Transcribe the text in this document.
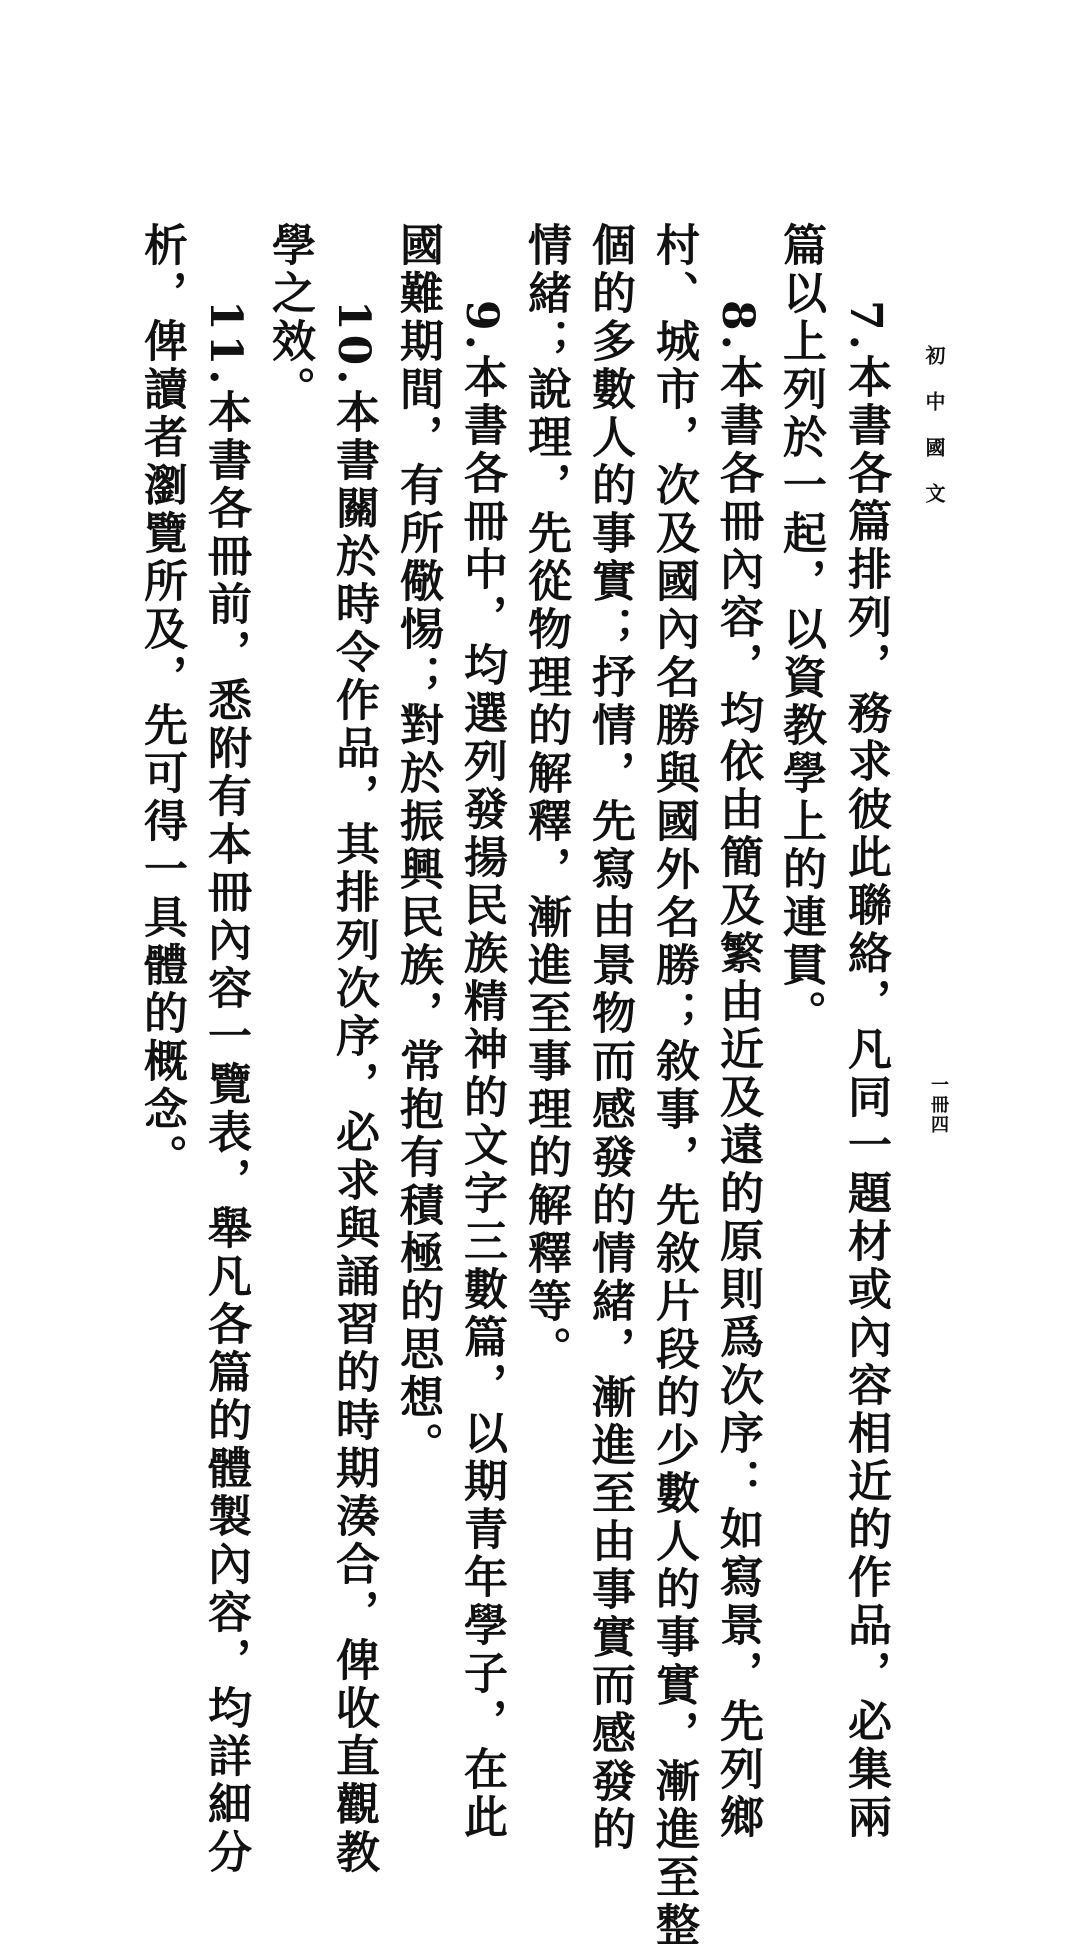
初中國文
一冊四
7.本書各篇排列，務求彼此聯絡，凡同一題材或內容相近的作品，必集兩
篇以上列於一起，以資教學上的連貫。
8.本書各冊內容，均依由簡及繁由近及遠的原則爲次序：如寫景，先列鄉
村、城市，次及國內名勝與國外名勝；敘事，先敘片段的少數人的事實，漸進至整
個的多數人的事實；抒情，先寫由景物而感發的情緒，漸進至由事實而感發的
情緒；說理，先從物理的解釋，漸進至事理的解釋等。
9.本書各冊中，均選列發揚民族精神的文字三數篇，以期青年學子，在此
國難期間，有所儆惕；對於振興民族，常抱有積極的思想。
10.本書關於時令作品，其排列次序，必求與誦習的時期湊合，俾收直觀教
學之效。
11.本書各冊前，悉附有本冊內容一覽表，舉凡各篇的體製內容，均詳細分
析，俾讀者瀏覽所及，先可得一具體的概念。
